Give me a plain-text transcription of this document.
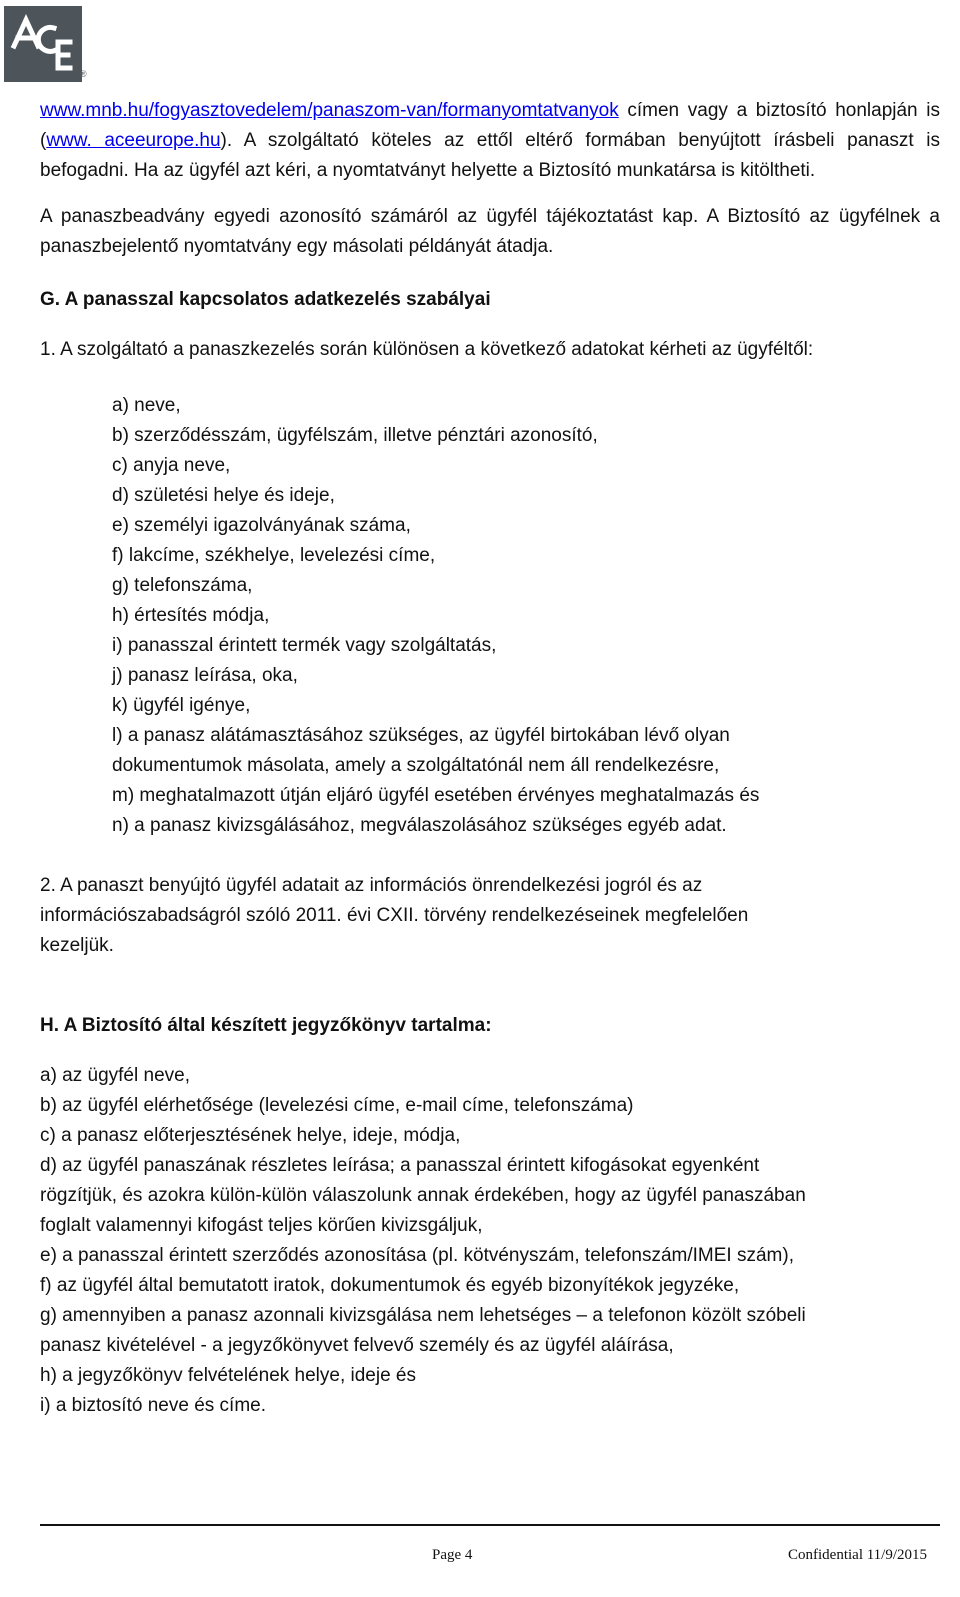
®

www.mnb.hu/fogyasztovedelem/panaszom-van/formanyomtatvanyok címen vagy a biztosító honlapján is (www. aceeurope.hu). A szolgáltató köteles az ettől eltérő formában benyújtott írásbeli panaszt is befogadni. Ha az ügyfél azt kéri, a nyomtatványt helyette a Biztosító munkatársa is kitöltheti.

A panaszbeadvány egyedi azonosító számáról az ügyfél tájékoztatást kap. A Biztosító az ügyfélnek a panaszbejelentő nyomtatvány egy másolati példányát átadja.

G. A panasszal kapcsolatos adatkezelés szabályai

1. A szolgáltató a panaszkezelés során különösen a következő adatokat kérheti az ügyféltől:

a) neve,

b) szerződésszám, ügyfélszám, illetve pénztári azonosító,

c) anyja neve,

d) születési helye és ideje,

e) személyi igazolványának száma,

f) lakcíme, székhelye, levelezési címe,

g) telefonszáma,

h) értesítés módja,

i) panasszal érintett termék vagy szolgáltatás,

j) panasz leírása, oka,

k) ügyfél igénye,

l) a panasz alátámasztásához szükséges, az ügyfél birtokában lévő olyan

dokumentumok másolata, amely a szolgáltatónál nem áll rendelkezésre,

m) meghatalmazott útján eljáró ügyfél esetében érvényes meghatalmazás és

n) a panasz kivizsgálásához, megválaszolásához szükséges egyéb adat.

2. A panaszt benyújtó ügyfél adatait az információs önrendelkezési jogról és az

információszabadságról szóló 2011. évi CXII. törvény rendelkezéseinek megfelelően

kezeljük.

H. A Biztosító által készített jegyzőkönyv tartalma:

a) az ügyfél neve,

b) az ügyfél elérhetősége (levelezési címe, e-mail címe, telefonszáma)

c) a panasz előterjesztésének helye, ideje, módja,

d) az ügyfél panaszának részletes leírása; a panasszal érintett kifogásokat egyenként

rögzítjük, és azokra külön-külön válaszolunk annak érdekében, hogy az ügyfél panaszában

foglalt valamennyi kifogást teljes körűen kivizsgáljuk,

e) a panasszal érintett szerződés azonosítása (pl. kötvényszám, telefonszám/IMEI szám),

f) az ügyfél által bemutatott iratok, dokumentumok és egyéb bizonyítékok jegyzéke,

g) amennyiben a panasz azonnali kivizsgálása nem lehetséges – a telefonon közölt szóbeli

panasz kivételével - a jegyzőkönyvet felvevő személy és az ügyfél aláírása,

h) a jegyzőkönyv felvételének helye, ideje és

i) a biztosító neve és címe.

Page 4	Confidential 11/9/2015
